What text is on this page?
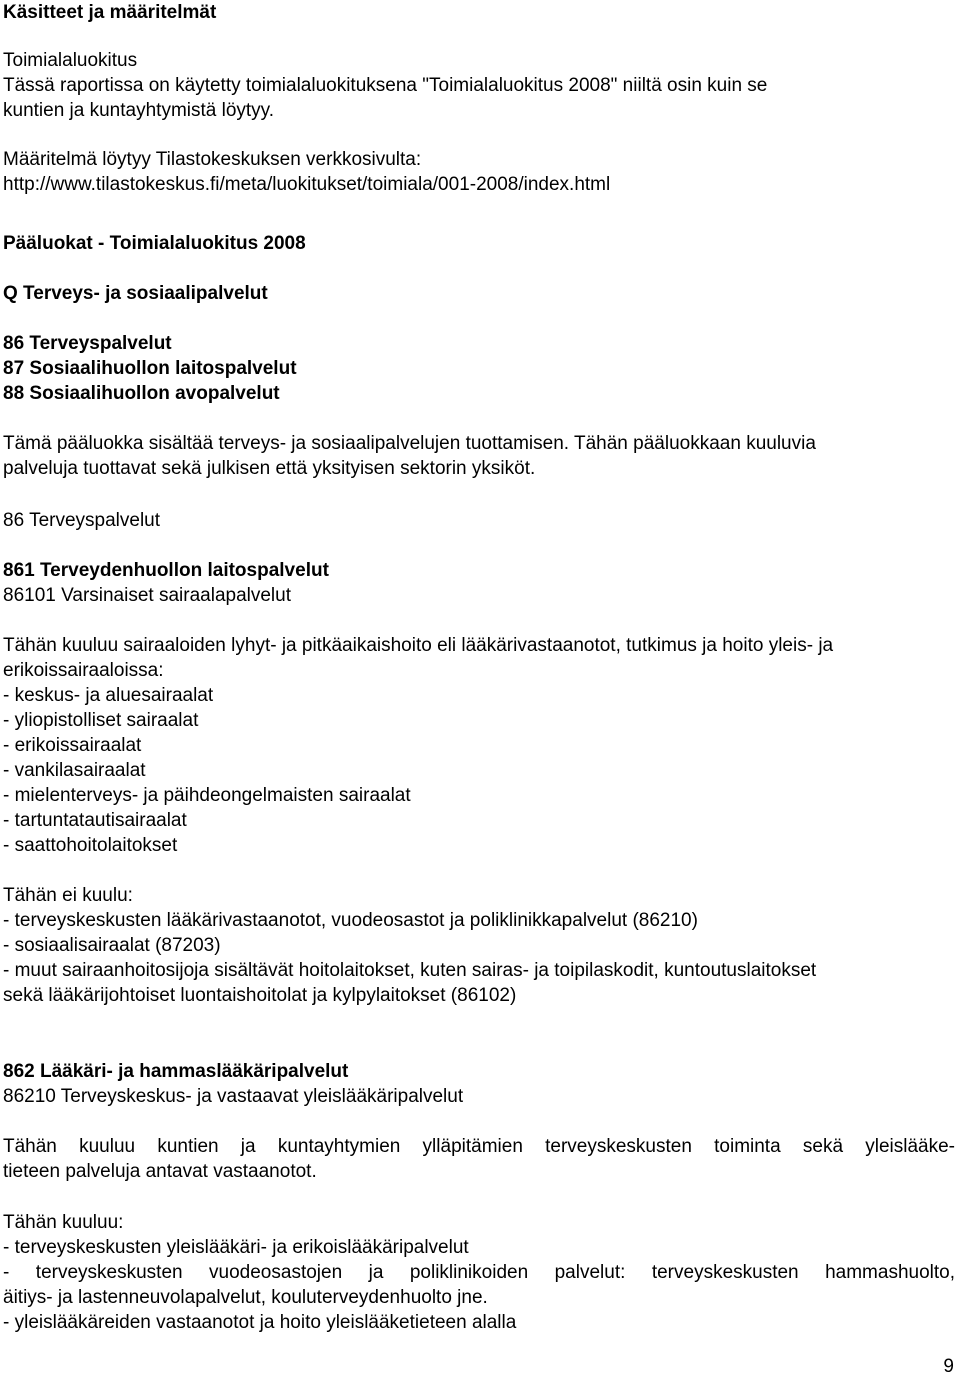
Käsitteet ja määritelmät
Toimialaluokitus
Tässä raportissa on käytetty toimialaluokituksena "Toimialaluokitus 2008" niiltä osin kuin se
kuntien ja kuntayhtymistä löytyy.
Määritelmä löytyy Tilastokeskuksen verkkosivulta:
http://www.tilastokeskus.fi/meta/luokitukset/toimiala/001-2008/index.html
Pääluokat - Toimialaluokitus 2008
Q Terveys- ja sosiaalipalvelut
86 Terveyspalvelut
87 Sosiaalihuollon laitospalvelut
88 Sosiaalihuollon avopalvelut
Tämä pääluokka sisältää terveys- ja sosiaalipalvelujen tuottamisen. Tähän pääluokkaan kuuluvia
palveluja tuottavat sekä julkisen että yksityisen sektorin yksiköt.
86 Terveyspalvelut
861 Terveydenhuollon laitospalvelut
86101 Varsinaiset sairaalapalvelut
Tähän kuuluu sairaaloiden lyhyt- ja pitkäaikaishoito eli lääkärivastaanotot, tutkimus ja hoito yleis- ja
erikoissairaaloissa:
- keskus- ja aluesairaalat
- yliopistolliset sairaalat
- erikoissairaalat
- vankilasairaalat
- mielenterveys- ja päihdeongelmaisten sairaalat
- tartuntatautisairaalat
- saattohoitolaitokset
Tähän ei kuulu:
- terveyskeskusten lääkärivastaanotot, vuodeosastot ja poliklinikkapalvelut (86210)
- sosiaalisairaalat (87203)
- muut sairaanhoitosijoja sisältävät hoitolaitokset, kuten sairas- ja toipilaskodit, kuntoutuslaitokset
sekä lääkärijohtoiset luontaishoitolat ja kylpylaitokset (86102)
862 Lääkäri- ja hammaslääkäripalvelut
86210 Terveyskeskus- ja vastaavat yleislääkäripalvelut
Tähän kuuluu kuntien ja kuntayhtymien ylläpitämien terveyskeskusten toiminta sekä yleislääke-
tieteen palveluja antavat vastaanotot.
Tähän kuuluu:
- terveyskeskusten yleislääkäri- ja erikoislääkäripalvelut
- terveyskeskusten vuodeosastojen ja poliklinikoiden palvelut: terveyskeskusten hammashuolto,
äitiys- ja lastenneuvolapalvelut, kouluterveydenhuolto jne.
- yleislääkäreiden vastaanotot ja hoito yleislääketieteen alalla
9
